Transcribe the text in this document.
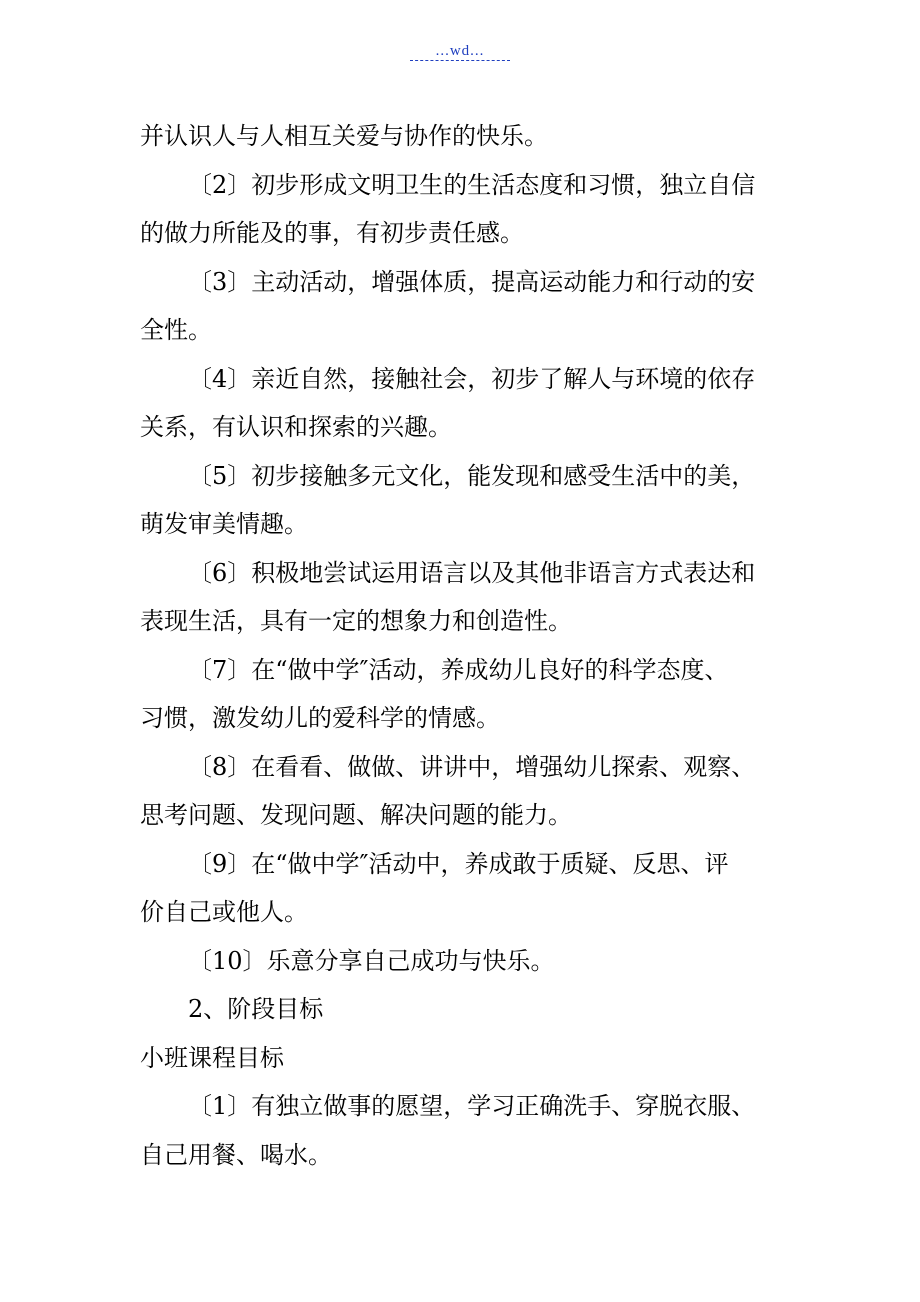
...wd...

并认识人与人相互关爱与协作的快乐。

〔2〕初步形成文明卫生的生活态度和习惯，独立自信

的做力所能及的事，有初步责任感。

〔3〕主动活动，增强体质，提高运动能力和行动的安

全性。

〔4〕亲近自然，接触社会，初步了解人与环境的依存

关系，有认识和探索的兴趣。

〔5〕初步接触多元文化，能发现和感受生活中的美，

萌发审美情趣。

〔6〕积极地尝试运用语言以及其他非语言方式表达和

表现生活，具有一定的想象力和创造性。

〔7〕在“做中学″活动，养成幼儿良好的科学态度、

习惯，激发幼儿的爱科学的情感。

〔8〕在看看、做做、讲讲中，增强幼儿探索、观察、

思考问题、发现问题、解决问题的能力。

〔9〕在“做中学″活动中，养成敢于质疑、反思、评

价自己或他人。

〔10〕乐意分享自己成功与快乐。

2、阶段目标

小班课程目标

〔1〕有独立做事的愿望，学习正确洗手、穿脱衣服、

自己用餐、喝水。
